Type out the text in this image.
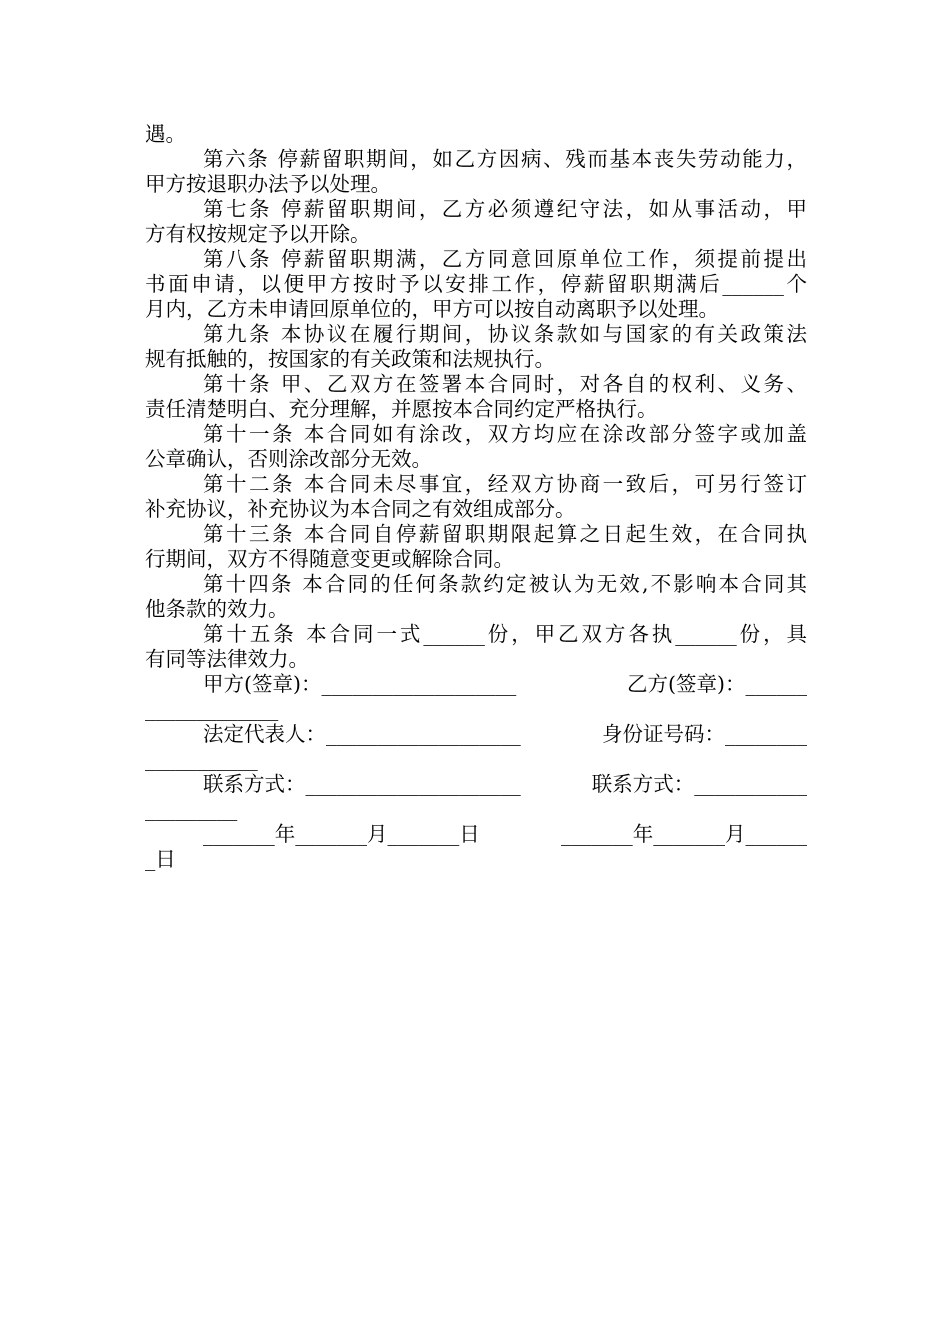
遇。
第六条 停薪留职期间，如乙方因病、残而基本丧失劳动能力，
甲方按退职办法予以处理。
第七条 停薪留职期间，乙方必须遵纪守法，如从事活动，甲
方有权按规定予以开除。
第八条 停薪留职期满，乙方同意回原单位工作，须提前提出
书面申请，以便甲方按时予以安排工作，停薪留职期满后______个
月内，乙方未申请回原单位的，甲方可以按自动离职予以处理。
第九条 本协议在履行期间，协议条款如与国家的有关政策法
规有抵触的，按国家的有关政策和法规执行。
第十条 甲、乙双方在签署本合同时，对各自的权利、义务、
责任清楚明白、充分理解，并愿按本合同约定严格执行。
第十一条 本合同如有涂改，双方均应在涂改部分签字或加盖
公章确认，否则涂改部分无效。
第十二条 本合同未尽事宜，经双方协商一致后，可另行签订
补充协议，补充协议为本合同之有效组成部分。
第十三条 本合同自停薪留职期限起算之日起生效，在合同执
行期间，双方不得随意变更或解除合同。
第十四条 本合同的任何条款约定被认为无效,不影响本合同其
他条款的效力。
第十五条 本合同一式______份，甲乙双方各执______份，具
有同等法律效力。
甲方(签章)：___________________	乙方(签章)：______
_____________
法定代表人：___________________	身份证号码：________
___________
联系方式：_____________________	联系方式：___________
_________
_______年_______月_______日	_______年_______月______
_日
